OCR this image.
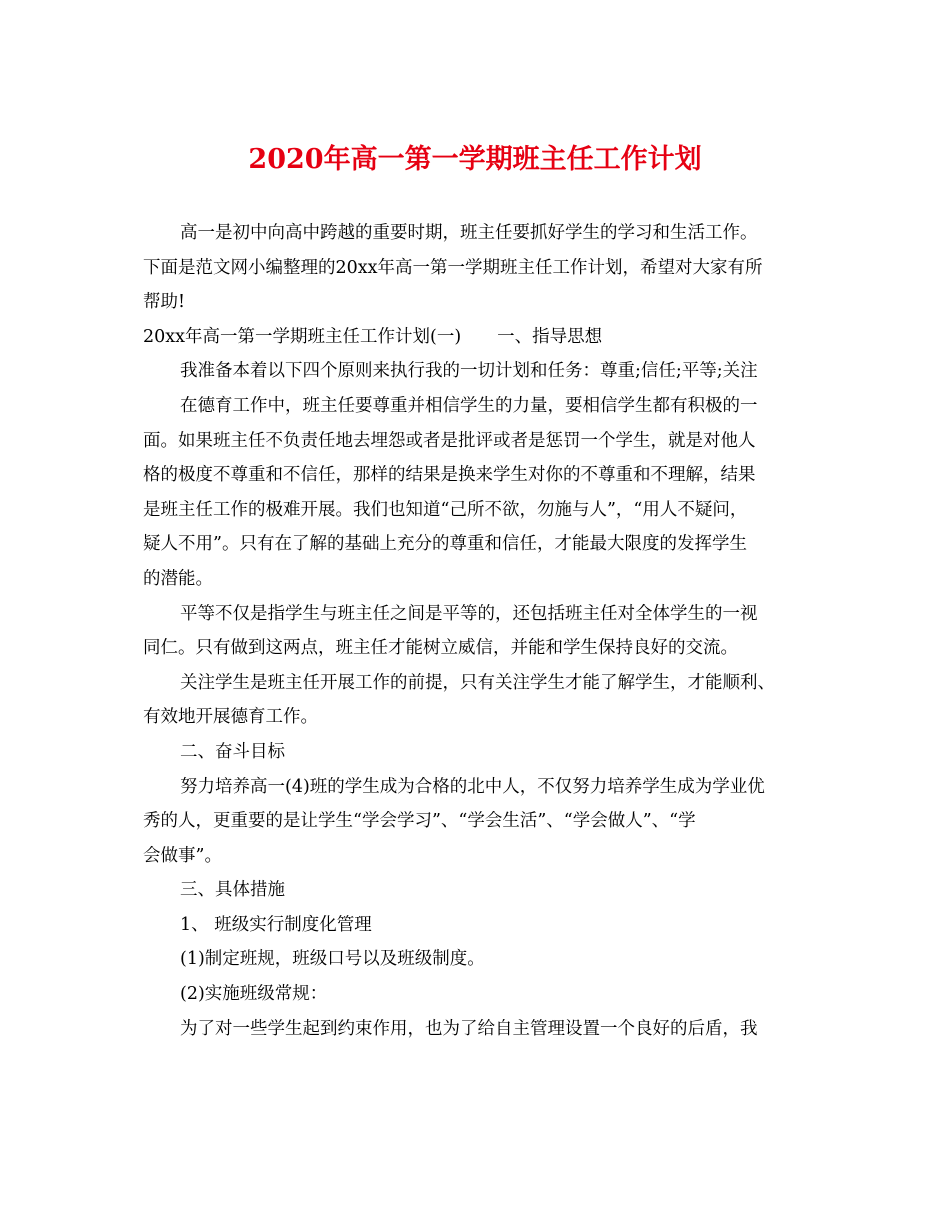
2020年高一第一学期班主任工作计划
高一是初中向高中跨越的重要时期，班主任要抓好学生的学习和生活工作。
下面是范文网小编整理的20xx年高一第一学期班主任工作计划，希望对大家有所
帮助!
20xx年高一第一学期班主任工作计划(一) 一、指导思想
我准备本着以下四个原则来执行我的一切计划和任务：尊重;信任;平等;关注
在德育工作中，班主任要尊重并相信学生的力量，要相信学生都有积极的一
面。如果班主任不负责任地去埋怨或者是批评或者是惩罚一个学生，就是对他人
格的极度不尊重和不信任，那样的结果是换来学生对你的不尊重和不理解，结果
是班主任工作的极难开展。我们也知道“己所不欲，勿施与人”，“用人不疑问，
疑人不用”。只有在了解的基础上充分的尊重和信任，才能最大限度的发挥学生
的潜能。
平等不仅是指学生与班主任之间是平等的，还包括班主任对全体学生的一视
同仁。只有做到这两点，班主任才能树立威信，并能和学生保持良好的交流。
关注学生是班主任开展工作的前提，只有关注学生才能了解学生，才能顺利、
有效地开展德育工作。
二、奋斗目标
努力培养高一(4)班的学生成为合格的北中人，不仅努力培养学生成为学业优
秀的人，更重要的是让学生“学会学习”、“学会生活”、“学会做人”、“学
会做事”。
三、具体措施
1、 班级实行制度化管理
(1)制定班规，班级口号以及班级制度。
(2)实施班级常规：
为了对一些学生起到约束作用，也为了给自主管理设置一个良好的后盾，我
